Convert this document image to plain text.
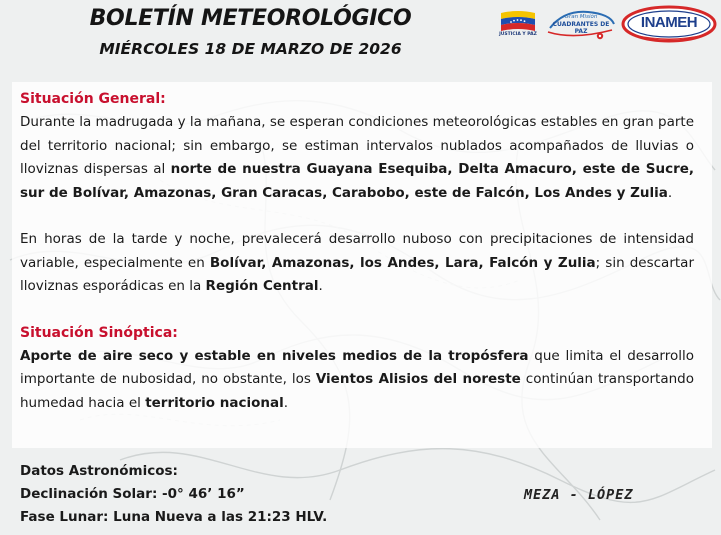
BOLETÍN METEOROLÓGICO
MIÉRCOLES 18 DE MARZO DE 2026
JUSTICIA Y PAZ
Gran Misión
CUADRANTES DE PAZ
INAMEH
Situación General:

Durante la madrugada y la mañana, se esperan condiciones meteorológicas estables en gran parte del territorio nacional; sin embargo, se estiman intervalos nublados acompañados de lluvias o lloviznas dispersas al norte de nuestra Guayana Esequiba, Delta Amacuro, este de Sucre, sur de Bolívar, Amazonas, Gran Caracas, Carabobo, este de Falcón, Los Andes y Zulia.

En horas de la tarde y noche, prevalecerá desarrollo nuboso con precipitaciones de intensidad variable, especialmente en Bolívar, Amazonas, los Andes, Lara, Falcón y Zulia; sin descartar lloviznas esporádicas en la Región Central.

Situación Sinóptica:

Aporte de aire seco y estable en niveles medios de la tropósfera que limita el desarrollo importante de nubosidad, no obstante, los Vientos Alisios del noreste continúan transportando humedad hacia el territorio nacional.

Datos Astronómicos:
Declinación Solar: -0° 46’ 16”
Fase Lunar: Luna Nueva a las 21:23 HLV.
MEZA - LÓPEZ
